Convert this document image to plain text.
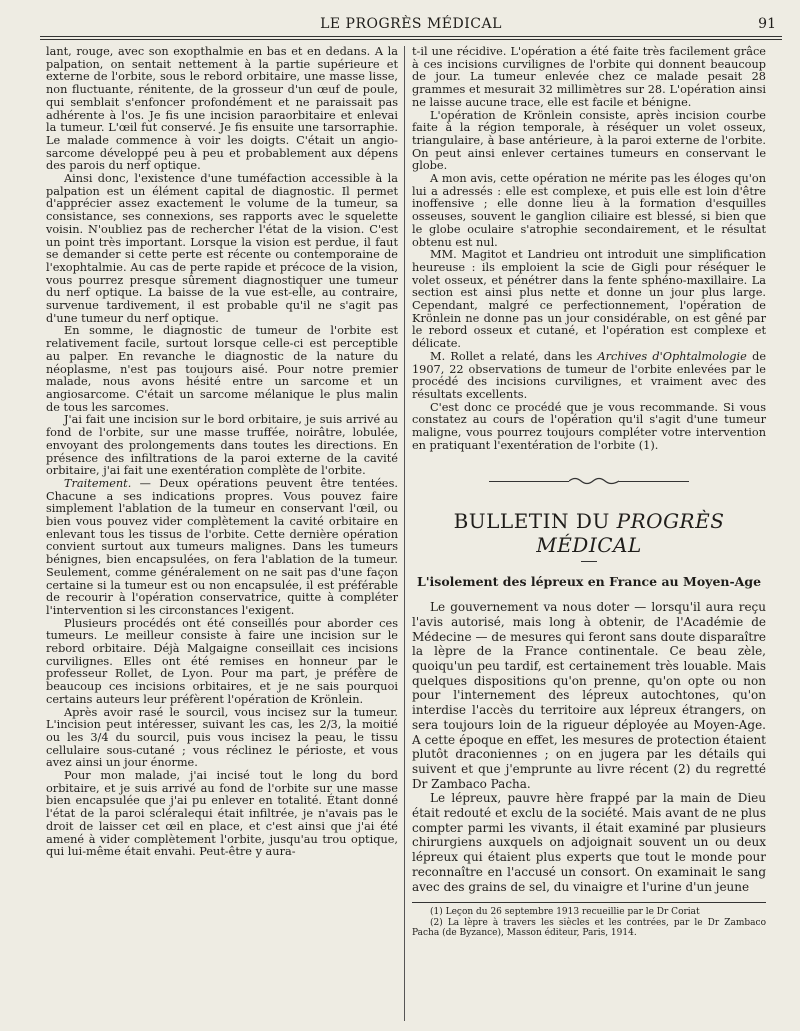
LE PROGRÈS MÉDICAL	91

lant, rouge, avec son exopthalmie en bas et en dedans. A la palpation, on sentait nettement à la partie supérieure et externe de l'orbite, sous le rebord orbitaire, une masse lisse, non fluctuante, rénitente, de la grosseur d'un œuf de poule, qui semblait s'enfoncer profondément et ne paraissait pas adhérente à l'os. Je fis une incision paraorbitaire et enlevai la tumeur. L'œil fut conservé. Je fis ensuite une tarsorraphie. Le malade commence à voir les doigts. C'était un angio-sarcome développé peu à peu et probablement aux dépens des parois du nerf optique.

Ainsi donc, l'existence d'une tuméfaction accessible à la palpation est un élément capital de diagnostic. Il permet d'apprécier assez exactement le volume de la tumeur, sa consistance, ses connexions, ses rapports avec le squelette voisin. N'oubliez pas de rechercher l'état de la vision. C'est un point très important. Lorsque la vision est perdue, il faut se demander si cette perte est récente ou contemporaine de l'exophtalmie. Au cas de perte rapide et précoce de la vision, vous pourrez presque sûrement diagnostiquer une tumeur du nerf optique. La baisse de la vue est-elle, au contraire, survenue tardivement, il est probable qu'il ne s'agit pas d'une tumeur du nerf optique.

En somme, le diagnostic de tumeur de l'orbite est relativement facile, surtout lorsque celle-ci est perceptible au palper. En revanche le diagnostic de la nature du néoplasme, n'est pas toujours aisé. Pour notre premier malade, nous avons hésité entre un sarcome et un angiosarcome. C'était un sarcome mélanique le plus malin de tous les sarcomes.

J'ai fait une incision sur le bord orbitaire, je suis arrivé au fond de l'orbite, sur une masse truffée, noirâtre, lobulée, envoyant des prolongements dans toutes les directions. En présence des infiltrations de la paroi externe de la cavité orbitaire, j'ai fait une exentération complète de l'orbite.

Traitement. — Deux opérations peuvent être tentées. Chacune a ses indications propres. Vous pouvez faire simplement l'ablation de la tumeur en conservant l'œil, ou bien vous pouvez vider complètement la cavité orbitaire en enlevant tous les tissus de l'orbite. Cette dernière opération convient surtout aux tumeurs malignes. Dans les tumeurs bénignes, bien encapsulées, on fera l'ablation de la tumeur. Seulement, comme généralement on ne sait pas d'une façon certaine si la tumeur est ou non encapsulée, il est préférable de recourir à l'opération conservatrice, quitte à compléter l'intervention si les circonstances l'exigent.

Plusieurs procédés ont été conseillés pour aborder ces tumeurs. Le meilleur consiste à faire une incision sur le rebord orbitaire. Déjà Malgaigne conseillait ces incisions curvilignes. Elles ont été remises en honneur par le professeur Rollet, de Lyon. Pour ma part, je préfère de beaucoup ces incisions orbitaires, et je ne sais pourquoi certains auteurs leur préfèrent l'opération de Krönlein.

Après avoir rasé le sourcil, vous incisez sur la tumeur. L'incision peut intéresser, suivant les cas, les 2/3, la moitié ou les 3/4 du sourcil, puis vous incisez la peau, le tissu cellulaire sous-cutané ; vous réclinez le périoste, et vous avez ainsi un jour énorme.

Pour mon malade, j'ai incisé tout le long du bord orbitaire, et je suis arrivé au fond de l'orbite sur une masse bien encapsulée que j'ai pu enlever en totalité. Étant donné l'état de la paroi scléralequi était infiltrée, je n'avais pas le droit de laisser cet œil en place, et c'est ainsi que j'ai été amené à vider complètement l'orbite, jusqu'au trou optique, qui lui-même était envahi. Peut-être y aura-

t-il une récidive. L'opération a été faite très facilement grâce à ces incisions curvilignes de l'orbite qui donnent beaucoup de jour. La tumeur enlevée chez ce malade pesait 28 grammes et mesurait 32 millimètres sur 28. L'opération ainsi ne laisse aucune trace, elle est facile et bénigne.

L'opération de Krönlein consiste, après incision courbe faite à la région temporale, à réséquer un volet osseux, triangulaire, à base antérieure, à la paroi externe de l'orbite. On peut ainsi enlever certaines tumeurs en conservant le globe.

A mon avis, cette opération ne mérite pas les éloges qu'on lui a adressés : elle est complexe, et puis elle est loin d'être inoffensive ; elle donne lieu à la formation d'esquilles osseuses, souvent le ganglion ciliaire est blessé, si bien que le globe oculaire s'atrophie secondairement, et le résultat obtenu est nul.

MM. Magitot et Landrieu ont introduit une simplification heureuse : ils emploient la scie de Gigli pour réséquer le volet osseux, et pénétrer dans la fente sphéno-maxillaire. La section est ainsi plus nette et donne un jour plus large. Cependant, malgré ce perfectionnement, l'opération de Krönlein ne donne pas un jour considérable, on est gêné par le rebord osseux et cutané, et l'opération est complexe et délicate.

M. Rollet a relaté, dans les Archives d'Ophtalmologie de 1907, 22 observations de tumeur de l'orbite enlevées par le procédé des incisions curvilignes, et vraiment avec des résultats excellents.

C'est donc ce procédé que je vous recommande. Si vous constatez au cours de l'opération qu'il s'agit d'une tumeur maligne, vous pourrez toujours compléter votre intervention en pratiquant l'exentération de l'orbite (1).

BULLETIN DU PROGRÈS MÉDICAL
L'isolement des lépreux en France au Moyen-Age

Le gouvernement va nous doter — lorsqu'il aura reçu l'avis autorisé, mais long à obtenir, de l'Académie de Médecine — de mesures qui feront sans doute disparaître la lèpre de la France continentale. Ce beau zèle, quoiqu'un peu tardif, est certainement très louable. Mais quelques dispositions qu'on prenne, qu'on opte ou non pour l'internement des lépreux autochtones, qu'on interdise l'accès du territoire aux lépreux étrangers, on sera toujours loin de la rigueur déployée au Moyen-Age. A cette époque en effet, les mesures de protection étaient plutôt draconiennes ; on en jugera par les détails qui suivent et que j'emprunte au livre récent (2) du regretté Dr Zambaco Pacha.

Le lépreux, pauvre hère frappé par la main de Dieu était redouté et exclu de la société. Mais avant de ne plus compter parmi les vivants, il était examiné par plusieurs chirurgiens auxquels on adjoignait souvent un ou deux lépreux qui étaient plus experts que tout le monde pour reconnaître en l'accusé un consort. On examinait le sang avec des grains de sel, du vinaigre et l'urine d'un jeune

(1) Leçon du 26 septembre 1913 recueillie par le Dr Coriat

(2) La lèpre à travers les siècles et les contrées, par le Dr Zambaco Pacha (de Byzance), Masson éditeur, Paris, 1914.
